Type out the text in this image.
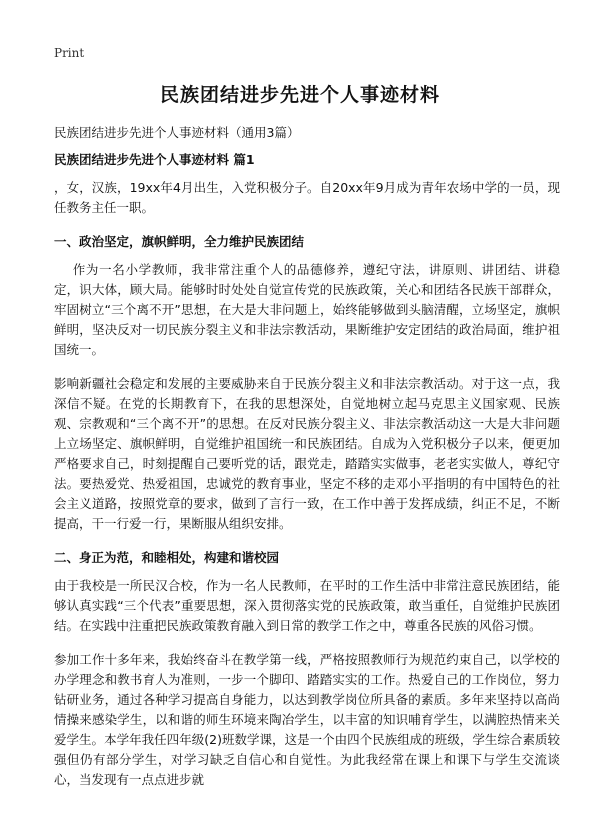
Print
民族团结进步先进个人事迹材料
民族团结进步先进个人事迹材料（通用3篇）
民族团结进步先进个人事迹材料 篇1

，女，汉族，19xx年4月出生，入党积极分子。自20xx年9月成为青年农场中学的一员，现任教务主任一职。

一、政治坚定，旗帜鲜明，全力维护民族团结

作为一名小学教师，我非常注重个人的品德修养，遵纪守法，讲原则、讲团结、讲稳定，识大体，顾大局。能够时时处处自觉宣传党的民族政策，关心和团结各民族干部群众，牢固树立“三个离不开”思想，在大是大非问题上，始终能够做到头脑清醒，立场坚定，旗帜鲜明，坚决反对一切民族分裂主义和非法宗教活动，果断维护安定团结的政治局面，维护祖国统一。

影响新疆社会稳定和发展的主要威胁来自于民族分裂主义和非法宗教活动。对于这一点，我深信不疑。在党的长期教育下，在我的思想深处，自觉地树立起马克思主义国家观、民族观、宗教观和“三个离不开”的思想。在反对民族分裂主义、非法宗教活动这一大是大非问题上立场坚定、旗帜鲜明，自觉维护祖国统一和民族团结。自成为入党积极分子以来，便更加严格要求自己，时刻提醒自己要听党的话，跟党走，踏踏实实做事，老老实实做人，尊纪守法。要热爱党、热爱祖国，忠诚党的教育事业，坚定不移的走邓小平指明的有中国特色的社会主义道路，按照党章的要求，做到了言行一致，在工作中善于发挥成绩，纠正不足，不断提高，干一行爱一行，果断服从组织安排。

二、身正为范，和睦相处，构建和谐校园

由于我校是一所民汉合校，作为一名人民教师，在平时的工作生活中非常注意民族团结，能够认真实践“三个代表”重要思想，深入贯彻落实党的民族政策，敢当重任，自觉维护民族团结。在实践中注重把民族政策教育融入到日常的教学工作之中，尊重各民族的风俗习惯。

参加工作十多年来，我始终奋斗在教学第一线，严格按照教师行为规范约束自己，以学校的办学理念和教书育人为准则，一步一个脚印、踏踏实实的工作。热爱自己的工作岗位，努力钻研业务，通过各种学习提高自身能力，以达到教学岗位所具备的素质。多年来坚持以高尚情操来感染学生，以和谐的师生环境来陶冶学生，以丰富的知识哺育学生，以满腔热情来关爱学生。本学年我任四年级(2)班数学课，这是一个由四个民族组成的班级，学生综合素质较强但仍有部分学生，对学习缺乏自信心和自觉性。为此我经常在课上和课下与学生交流谈心，当发现有一点点进步就
